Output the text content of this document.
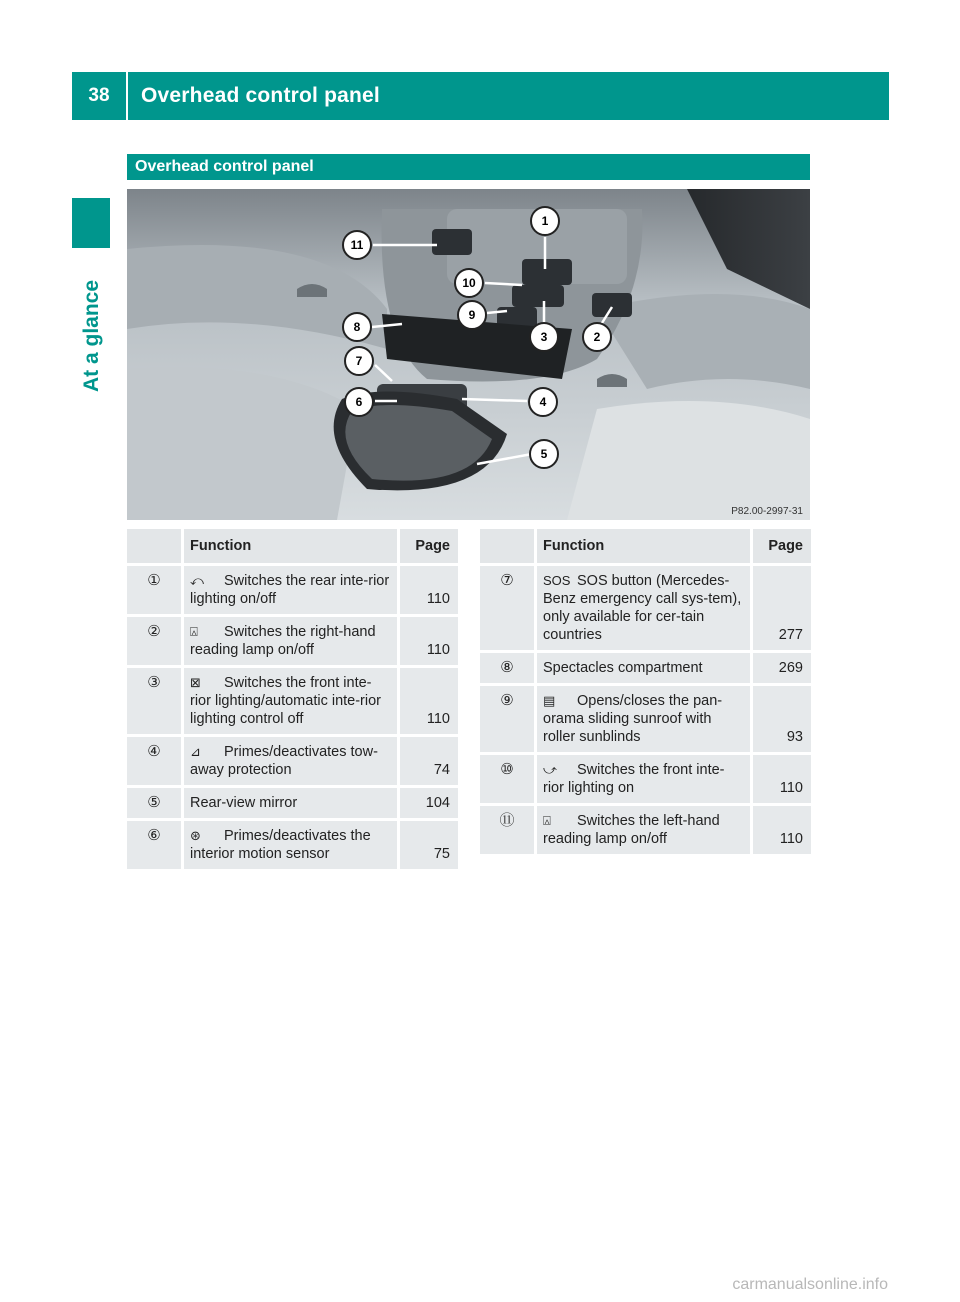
38	Overhead control panel
At a glance
Overhead control panel
1
2
3
4
5
6
7
8
9
10
11
P82.00-2997-31
	Function	Page
①	⤺ Switches the rear inte-rior lighting on/off	110
②	⍓ Switches the right-hand reading lamp on/off	110
③	⊠ Switches the front inte-rior lighting/automatic inte-rior lighting control off	110
④	⊿ Primes/deactivates tow-away protection	74
⑤	Rear-view mirror	104
⑥	⊛ Primes/deactivates the interior motion sensor	75
	Function	Page
⑦	SOS SOS button (Mercedes-Benz emergency call sys-tem), only available for cer-tain countries	277
⑧	Spectacles compartment	269
⑨	▤ Opens/closes the pan-orama sliding sunroof with roller sunblinds	93
⑩	⤻ Switches the front inte-rior lighting on	110
⑪	⍓ Switches the left-hand reading lamp on/off	110
carmanualsonline.info
